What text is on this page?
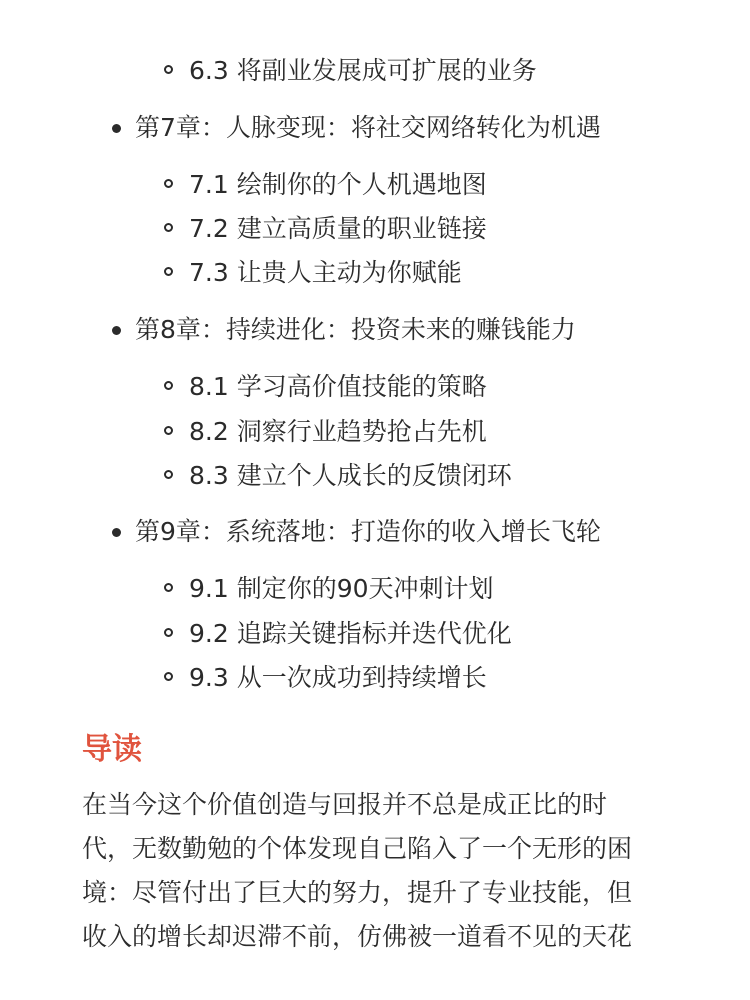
6.3 将副业发展成可扩展的业务
第7章：人脉变现：将社交网络转化为机遇
7.1 绘制你的个人机遇地图
7.2 建立高质量的职业链接
7.3 让贵人主动为你赋能
第8章：持续进化：投资未来的赚钱能力
8.1 学习高价值技能的策略
8.2 洞察行业趋势抢占先机
8.3 建立个人成长的反馈闭环
第9章：系统落地：打造你的收入增长飞轮
9.1 制定你的90天冲刺计划
9.2 追踪关键指标并迭代优化
9.3 从一次成功到持续增长
导读
在当今这个价值创造与回报并不总是成正比的时
代，无数勤勉的个体发现自己陷入了一个无形的困
境：尽管付出了巨大的努力，提升了专业技能，但
收入的增长却迟滞不前，仿佛被一道看不见的天花
